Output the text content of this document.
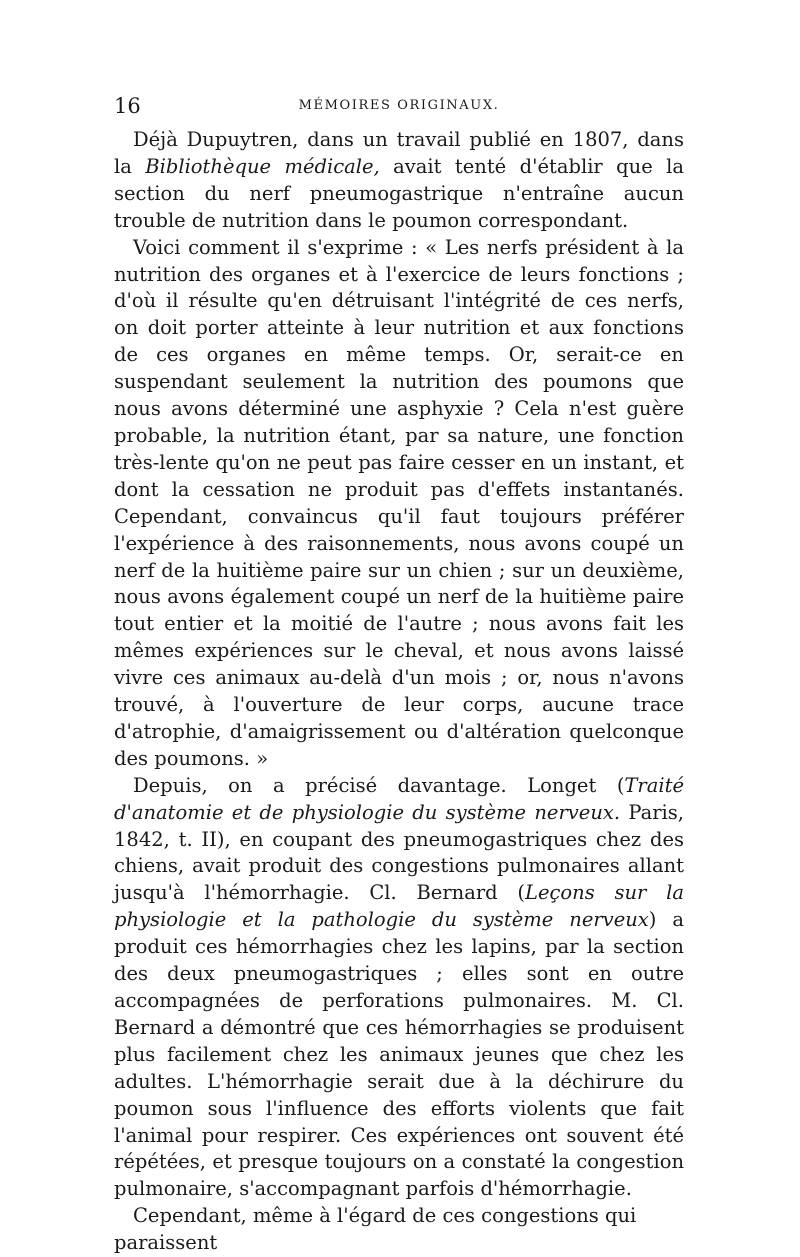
16	MÉMOIRES ORIGINAUX.

Déjà Dupuytren, dans un travail publié en 1807, dans la Bibliothèque médicale, avait tenté d'établir que la section du nerf pneumogastrique n'entraîne aucun trouble de nutrition dans le poumon correspondant.

Voici comment il s'exprime : « Les nerfs président à la nutrition des organes et à l'exercice de leurs fonctions ; d'où il résulte qu'en détruisant l'intégrité de ces nerfs, on doit porter atteinte à leur nutrition et aux fonctions de ces organes en même temps. Or, serait-ce en suspendant seulement la nutrition des poumons que nous avons déterminé une asphyxie ? Cela n'est guère probable, la nutrition étant, par sa nature, une fonction très-lente qu'on ne peut pas faire cesser en un instant, et dont la cessation ne produit pas d'effets instantanés. Cependant, convaincus qu'il faut toujours préférer l'expérience à des raisonnements, nous avons coupé un nerf de la huitième paire sur un chien ; sur un deuxième, nous avons également coupé un nerf de la huitième paire tout entier et la moitié de l'autre ; nous avons fait les mêmes expériences sur le cheval, et nous avons laissé vivre ces animaux au-delà d'un mois ; or, nous n'avons trouvé, à l'ouverture de leur corps, aucune trace d'atrophie, d'amaigrissement ou d'altération quelconque des poumons. »

Depuis, on a précisé davantage. Longet (Traité d'anatomie et de physiologie du système nerveux. Paris, 1842, t. II), en coupant des pneumogastriques chez des chiens, avait produit des congestions pulmonaires allant jusqu'à l'hémorrhagie. Cl. Bernard (Leçons sur la physiologie et la pathologie du système nerveux) a produit ces hémorrhagies chez les lapins, par la section des deux pneumogastriques ; elles sont en outre accompagnées de perforations pulmonaires. M. Cl. Bernard a démontré que ces hémorrhagies se produisent plus facilement chez les animaux jeunes que chez les adultes. L'hémorrhagie serait due à la déchirure du poumon sous l'influence des efforts violents que fait l'animal pour respirer. Ces expériences ont souvent été répétées, et presque toujours on a constaté la congestion pulmonaire, s'accompagnant parfois d'hémorrhagie.

Cependant, même à l'égard de ces congestions qui paraissent
